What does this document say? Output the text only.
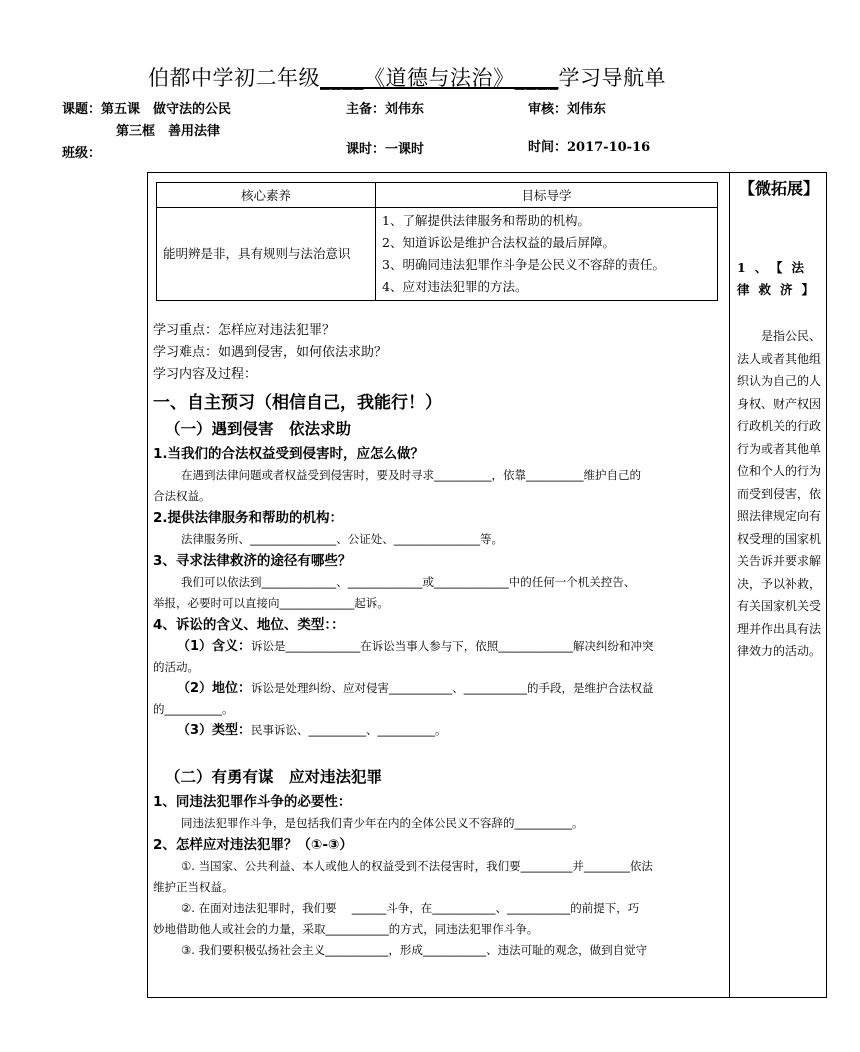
伯都中学初二年级____《道德与法治》____学习导航单
课题：第五课　做守法的公民
第三框　善用法律
班级：
主备：刘伟东	审核：刘伟东
课时：一课时	时间：2017-10-16
【微拓展】
1、【法律救济】
是指公民、法人或者其他组织认为自己的人身权、财产权因行政机关的行政行为或者其他单位和个人的行为而受到侵害，依照法律规定向有权受理的国家机关告诉并要求解决，予以补救，有关国家机关受理并作出具有法律效力的活动。
核心素养	目标导学
能明辨是非，具有规则与法治意识	1、了解提供法律服务和帮助的机构。
2、知道诉讼是维护合法权益的最后屏障。
3、明确同违法犯罪作斗争是公民义不容辞的责任。
4、应对违法犯罪的方法。

学习重点：怎样应对违法犯罪？

学习难点：如遇到侵害，如何依法求助？

学习内容及过程：

一、自主预习（相信自己，我能行！）
（一）遇到侵害　依法求助

1.当我们的合法权益受到侵害时，应怎么做？

在遇到法律问题或者权益受到侵害时，要及时寻求__________，依靠__________维护自己的

合法权益。

2.提供法律服务和帮助的机构：

法律服务所、_______________、公证处、_______________等。

3、寻求法律救济的途径有哪些？

我们可以依法到_____________、_____________或_____________中的任何一个机关控告、

举报，必要时可以直接向_____________起诉。

4、诉讼的含义、地位、类型：：

（1）含义：诉讼是_____________在诉讼当事人参与下，依照_____________解决纠纷和冲突

的活动。

（2）地位：诉讼是处理纠纷、应对侵害___________、___________的手段，是维护合法权益

的__________。

（3）类型：民事诉讼、__________、__________。

（二）有勇有谋　应对违法犯罪

1、同违法犯罪作斗争的必要性：

同违法犯罪作斗争，是包括我们青少年在内的全体公民义不容辞的__________。

2、怎样应对违法犯罪？（①-③）

①. 当国家、公共利益、本人或他人的权益受到不法侵害时，我们要_________并________依法

维护正当权益。

②. 在面对违法犯罪时，我们要　 ______斗争，在___________、___________的前提下，巧

妙地借助他人或社会的力量，采取___________的方式，同违法犯罪作斗争。

③. 我们要积极弘扬社会主义___________，形成___________、违法可耻的观念，做到自觉守
